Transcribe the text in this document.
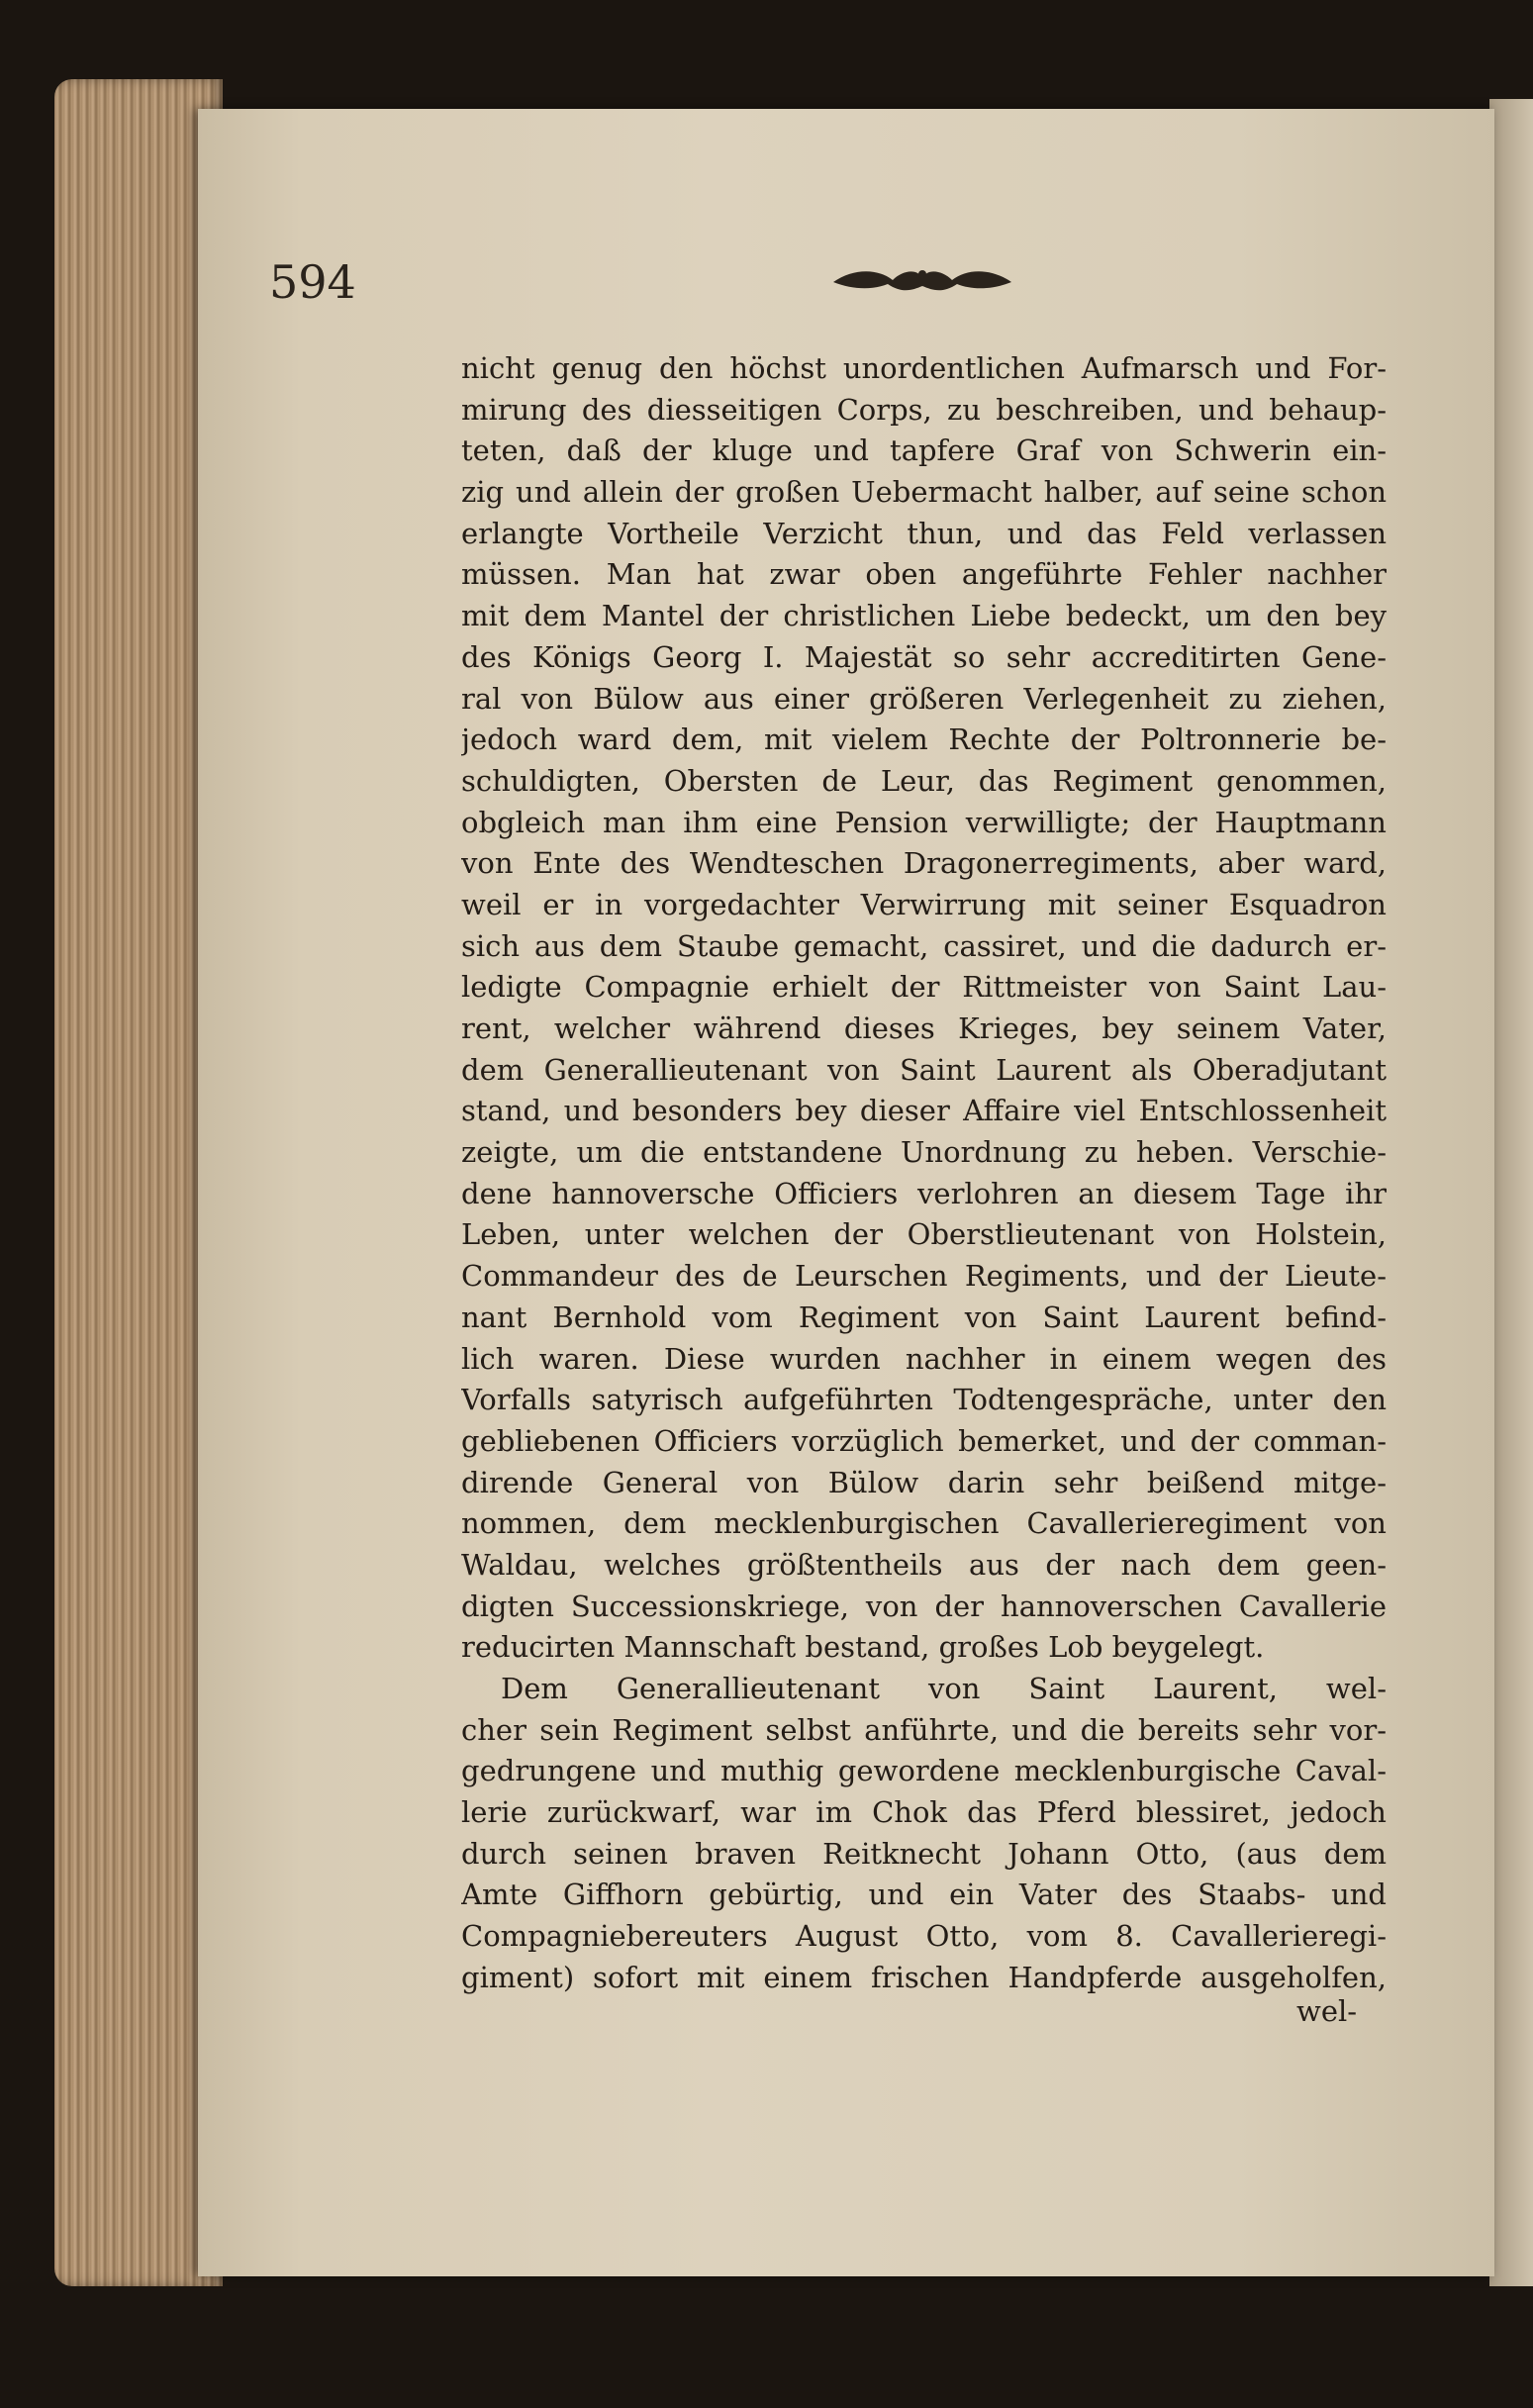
594
nicht genug den höchst unordentlichen Aufmarsch und For-
mirung des diesseitigen Corps, zu beschreiben, und behaup-
teten, daß der kluge und tapfere Graf von Schwerin ein-
zig und allein der großen Uebermacht halber, auf seine schon
erlangte Vortheile Verzicht thun, und das Feld verlassen
müssen. Man hat zwar oben angeführte Fehler nachher
mit dem Mantel der christlichen Liebe bedeckt, um den bey
des Königs Georg I. Majestät so sehr accreditirten Gene-
ral von Bülow aus einer größeren Verlegenheit zu ziehen,
jedoch ward dem, mit vielem Rechte der Poltronnerie be-
schuldigten, Obersten de Leur, das Regiment genommen,
obgleich man ihm eine Pension verwilligte; der Hauptmann
von Ente des Wendteschen Dragonerregiments, aber ward,
weil er in vorgedachter Verwirrung mit seiner Esquadron
sich aus dem Staube gemacht, cassiret, und die dadurch er-
ledigte Compagnie erhielt der Rittmeister von Saint Lau-
rent, welcher während dieses Krieges, bey seinem Vater,
dem Generallieutenant von Saint Laurent als Oberadjutant
stand, und besonders bey dieser Affaire viel Entschlossenheit
zeigte, um die entstandene Unordnung zu heben. Verschie-
dene hannoversche Officiers verlohren an diesem Tage ihr
Leben, unter welchen der Oberstlieutenant von Holstein,
Commandeur des de Leurschen Regiments, und der Lieute-
nant Bernhold vom Regiment von Saint Laurent befind-
lich waren. Diese wurden nachher in einem wegen des
Vorfalls satyrisch aufgeführten Todtengespräche, unter den
gebliebenen Officiers vorzüglich bemerket, und der comman-
dirende General von Bülow darin sehr beißend mitge-
nommen, dem mecklenburgischen Cavallerieregiment von
Waldau, welches größtentheils aus der nach dem geen-
digten Successionskriege, von der hannoverschen Cavallerie
reducirten Mannschaft bestand, großes Lob beygelegt.
Dem Generallieutenant von Saint Laurent, wel-
cher sein Regiment selbst anführte, und die bereits sehr vor-
gedrungene und muthig gewordene mecklenburgische Caval-
lerie zurückwarf, war im Chok das Pferd blessiret, jedoch
durch seinen braven Reitknecht Johann Otto, (aus dem
Amte Giffhorn gebürtig, und ein Vater des Staabs- und
Compagniebereuters August Otto, vom 8. Cavallerieregi-
giment) sofort mit einem frischen Handpferde ausgeholfen,
wel-
